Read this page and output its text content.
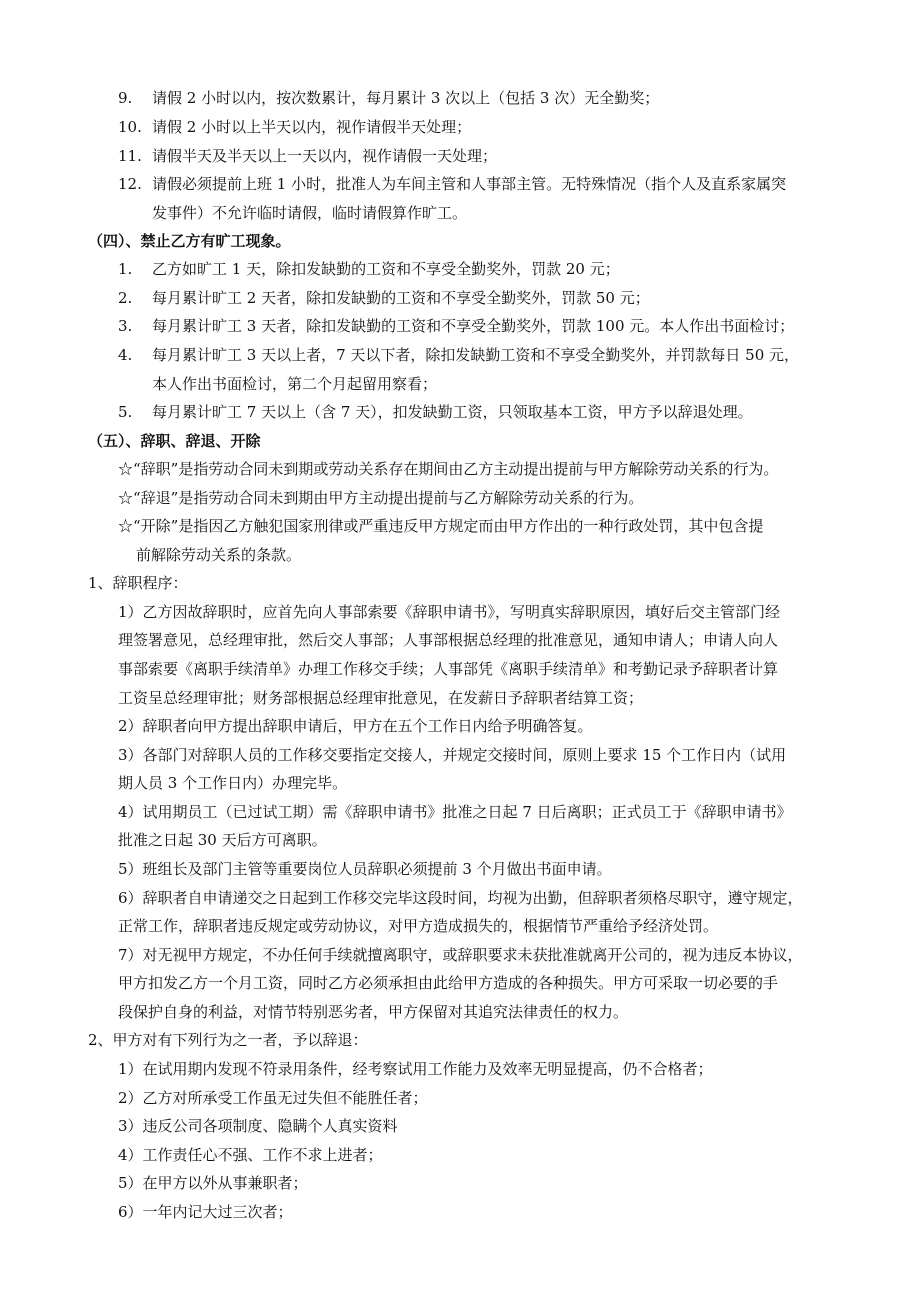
9. 请假 2 小时以内，按次数累计，每月累计 3 次以上（包括 3 次）无全勤奖；
10. 请假 2 小时以上半天以内，视作请假半天处理；
11. 请假半天及半天以上一天以内，视作请假一天处理；
12. 请假必须提前上班 1 小时，批准人为车间主管和人事部主管。无特殊情况（指个人及直系家属突
发事件）不允许临时请假，临时请假算作旷工。
（四）、禁止乙方有旷工现象。
1. 乙方如旷工 1 天，除扣发缺勤的工资和不享受全勤奖外，罚款 20 元；
2. 每月累计旷工 2 天者，除扣发缺勤的工资和不享受全勤奖外，罚款 50 元；
3. 每月累计旷工 3 天者，除扣发缺勤的工资和不享受全勤奖外，罚款 100 元。本人作出书面检讨；
4. 每月累计旷工 3 天以上者，7 天以下者，除扣发缺勤工资和不享受全勤奖外，并罚款每日 50 元，
本人作出书面检讨，第二个月起留用察看；
5. 每月累计旷工 7 天以上（含 7 天），扣发缺勤工资，只领取基本工资，甲方予以辞退处理。
（五）、辞职、辞退、开除
☆“辞职”是指劳动合同未到期或劳动关系存在期间由乙方主动提出提前与甲方解除劳动关系的行为。
☆“辞退”是指劳动合同未到期由甲方主动提出提前与乙方解除劳动关系的行为。
☆“开除”是指因乙方触犯国家刑律或严重违反甲方规定而由甲方作出的一种行政处罚，其中包含提
前解除劳动关系的条款。
1、辞职程序：
1）乙方因故辞职时，应首先向人事部索要《辞职申请书》，写明真实辞职原因，填好后交主管部门经
理签署意见，总经理审批，然后交人事部；人事部根据总经理的批准意见，通知申请人；申请人向人
事部索要《离职手续清单》办理工作移交手续；人事部凭《离职手续清单》和考勤记录予辞职者计算
工资呈总经理审批；财务部根据总经理审批意见，在发薪日予辞职者结算工资；
2）辞职者向甲方提出辞职申请后，甲方在五个工作日内给予明确答复。
3）各部门对辞职人员的工作移交要指定交接人，并规定交接时间，原则上要求 15 个工作日内（试用
期人员 3 个工作日内）办理完毕。
4）试用期员工（已过试工期）需《辞职申请书》批准之日起 7 日后离职；正式员工于《辞职申请书》
批准之日起 30 天后方可离职。
5）班组长及部门主管等重要岗位人员辞职必须提前 3 个月做出书面申请。
6）辞职者自申请递交之日起到工作移交完毕这段时间，均视为出勤，但辞职者须格尽职守，遵守规定，
正常工作，辞职者违反规定或劳动协议，对甲方造成损失的，根据情节严重给予经济处罚。
7）对无视甲方规定，不办任何手续就擅离职守，或辞职要求未获批准就离开公司的，视为违反本协议，
甲方扣发乙方一个月工资，同时乙方必须承担由此给甲方造成的各种损失。甲方可采取一切必要的手
段保护自身的利益，对情节特别恶劣者，甲方保留对其追究法律责任的权力。
2、甲方对有下列行为之一者，予以辞退：
1）在试用期内发现不符录用条件，经考察试用工作能力及效率无明显提高，仍不合格者；
2）乙方对所承受工作虽无过失但不能胜任者；
3）违反公司各项制度、隐瞒个人真实资料
4）工作责任心不强、工作不求上进者；
5）在甲方以外从事兼职者；
6）一年内记大过三次者；
